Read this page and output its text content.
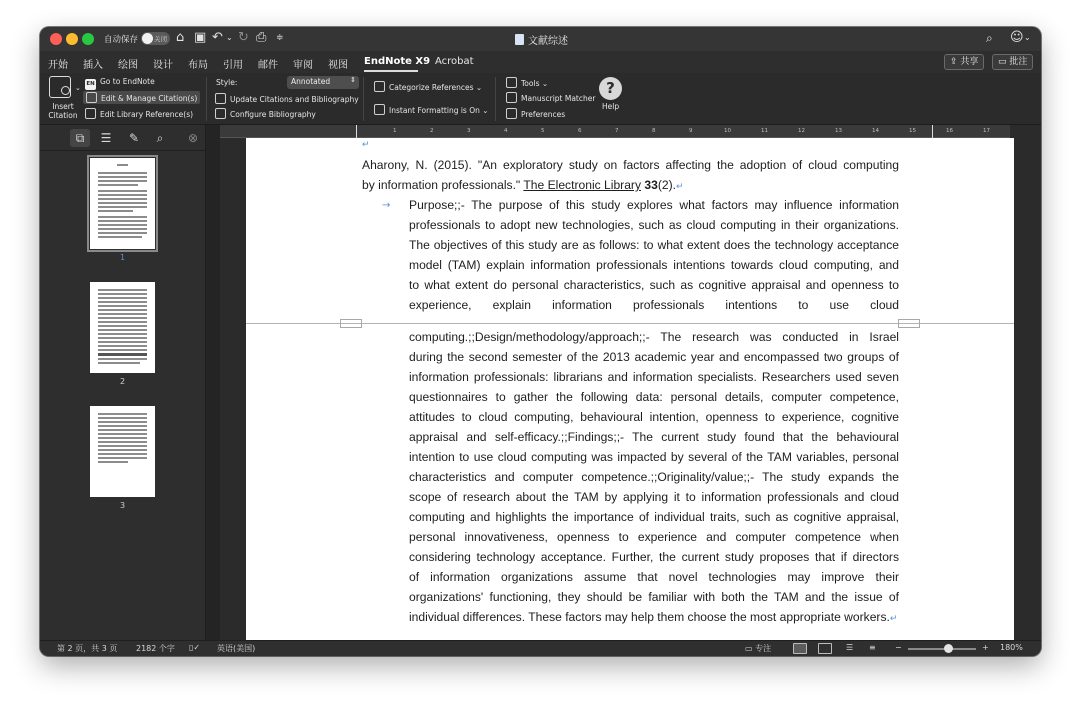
自动保存 关闭 ⌂ ▣ ↶ ⌄ ↻ ⎙ ≑	文献综述	⌕ ☺ ⌄
开始 插入 绘图 设计 布局 引用 邮件 审阅 视图 EndNote X9 Acrobat	⇪ 共享	▭ 批注
⌄
Insert Citation
EN Go to EndNote
Edit & Manage Citation(s)
Edit Library Reference(s)
Style:	Annotated	⇕
Update Citations and Bibliography
Configure Bibliography
Categorize References ⌄
Instant Formatting is On ⌄
Tools ⌄
Manuscript Matcher
Preferences
?
Help
⧉	☰	✎	⌕	⊗
1
2
3
1	2	3	4	5	6	7	8	9	10	11	12	13	14	15	16	17
↵
Aharony, N. (2015). "An exploratory study on factors affecting the adoption of cloud computing
by information professionals." The Electronic Library 33(2).↵
→ Purpose;;- The purpose of this study explores what factors may influence information
professionals to adopt new technologies, such as cloud computing in their organizations.
The objectives of this study are as follows: to what extent does the technology acceptance
model (TAM) explain information professionals intentions towards cloud computing, and
to what extent do personal characteristics, such as cognitive appraisal and openness to
experience, explain information professionals intentions to use cloud
computing.;;Design/methodology/approach;;- The research was conducted in Israel
during the second semester of the 2013 academic year and encompassed two groups of
information professionals: librarians and information specialists. Researchers used seven
questionnaires to gather the following data: personal details, computer competence,
attitudes to cloud computing, behavioural intention, openness to experience, cognitive
appraisal and self-efficacy.;;Findings;;- The current study found that the behavioural
intention to use cloud computing was impacted by several of the TAM variables, personal
characteristics and computer competence.;;Originality/value;;- The study expands the
scope of research about the TAM by applying it to information professionals and cloud
computing and highlights the importance of individual traits, such as cognitive appraisal,
personal innovativeness, openness to experience and computer competence when
considering technology acceptance. Further, the current study proposes that if directors
of information organizations assume that novel technologies may improve their
organizations' functioning, they should be familiar with both the TAM and the issue of
individual differences. These factors may help them choose the most appropriate workers.↵
第 2 页，共 3 页 2182 个字 ▯✓ 英语(美国)	▭ 专注	☰ ≡ −	+ 180%
